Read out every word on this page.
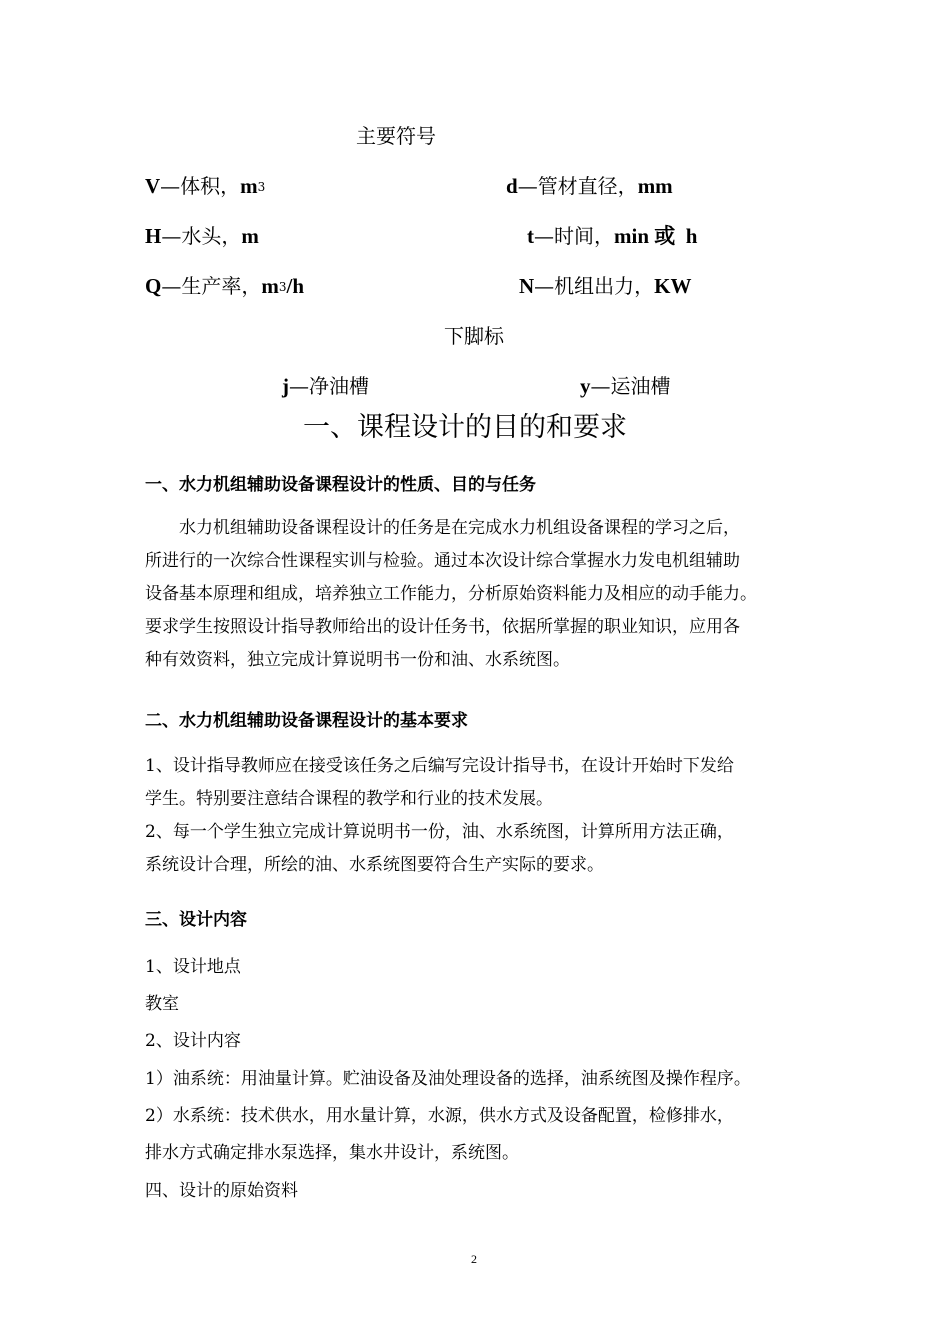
主要符号
V—体积，$m^3$	d—管材直径，mm
H—水头，m	t—时间，min 或  h
Q—生产率，$m^3/h$	N—机组出力，KW
下脚标
j—净油槽	y—运油槽
一、课程设计的目的和要求
一、水力机组辅助设备课程设计的性质、目的与任务

水力机组辅助设备课程设计的任务是在完成水力机组设备课程的学习之后，

所进行的一次综合性课程实训与检验。通过本次设计综合掌握水力发电机组辅助

设备基本原理和组成，培养独立工作能力，分析原始资料能力及相应的动手能力。

要求学生按照设计指导教师给出的设计任务书，依据所掌握的职业知识，应用各

种有效资料，独立完成计算说明书一份和油、水系统图。

二、水力机组辅助设备课程设计的基本要求

1、设计指导教师应在接受该任务之后编写完设计指导书，在设计开始时下发给

学生。特别要注意结合课程的教学和行业的技术发展。

2、每一个学生独立完成计算说明书一份，油、水系统图，计算所用方法正确，

系统设计合理，所绘的油、水系统图要符合生产实际的要求。

三、设计内容
1、设计地点
教室
2、设计内容
1）油系统：用油量计算。贮油设备及油处理设备的选择，油系统图及操作程序。
2）水系统：技术供水，用水量计算，水源，供水方式及设备配置，检修排水，
排水方式确定排水泵选择，集水井设计，系统图。
四、设计的原始资料
2
